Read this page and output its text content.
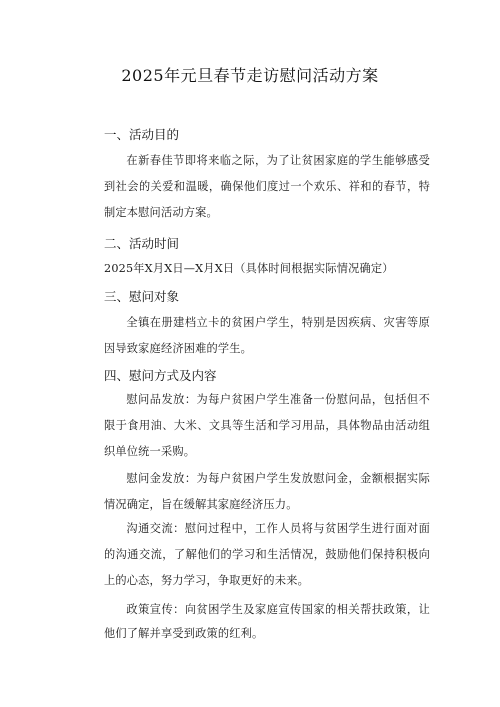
2025年元旦春节走访慰问活动方案
一、活动目的

在新春佳节即将来临之际，为了让贫困家庭的学生能够感受到社会的关爱和温暖，确保他们度过一个欢乐、祥和的春节，特制定本慰问活动方案。

二、活动时间

2025年X月X日—X月X日（具体时间根据实际情况确定）

三、慰问对象

全镇在册建档立卡的贫困户学生，特别是因疾病、灾害等原因导致家庭经济困难的学生。

四、慰问方式及内容

慰问品发放：为每户贫困户学生准备一份慰问品，包括但不限于食用油、大米、文具等生活和学习用品，具体物品由活动组织单位统一采购。

慰问金发放：为每户贫困户学生发放慰问金，金额根据实际情况确定，旨在缓解其家庭经济压力。

沟通交流：慰问过程中，工作人员将与贫困学生进行面对面的沟通交流，了解他们的学习和生活情况，鼓励他们保持积极向上的心态，努力学习，争取更好的未来。

政策宣传：向贫困学生及家庭宣传国家的相关帮扶政策，让他们了解并享受到政策的红利。
